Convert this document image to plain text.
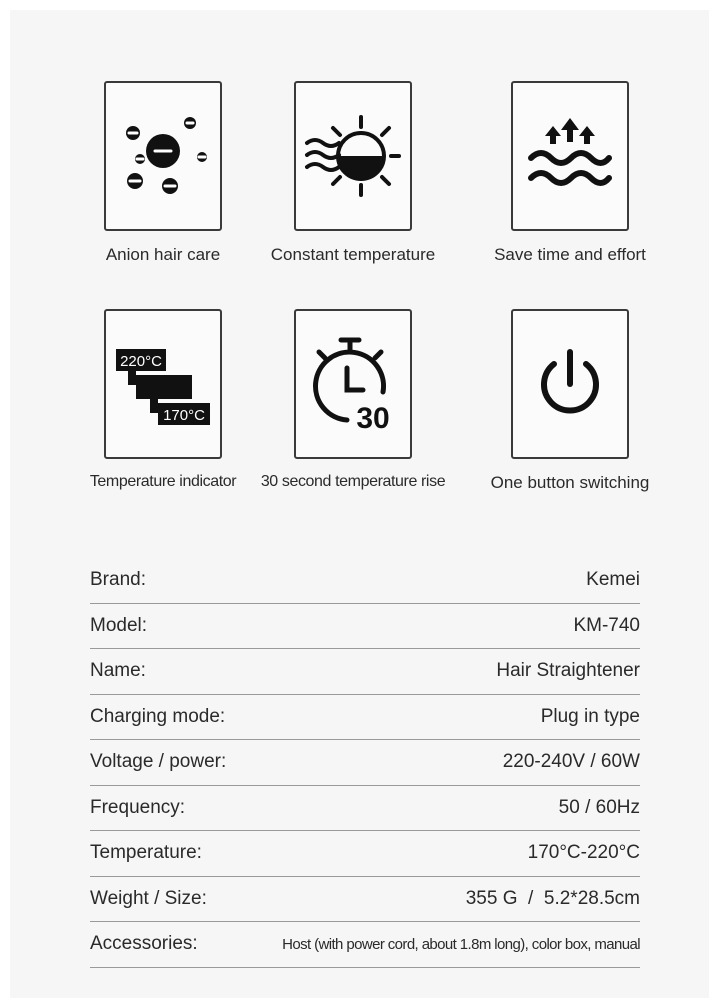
Anion hair care	Constant temperature	Save time and effort
220°C
170°C
Temperature indicator
30
30 second temperature rise	One button switching
Brand:	Kemei
Model:	KM-740
Name:	Hair Straightener
Charging mode:	Plug in type
Voltage / power:	220-240V / 60W
Frequency:	50 / 60Hz
Temperature:	170°C-220°C
Weight / Size:	355 G  /  5.2*28.5cm
Accessories:	Host (with power cord, about 1.8m long), color box, manual
